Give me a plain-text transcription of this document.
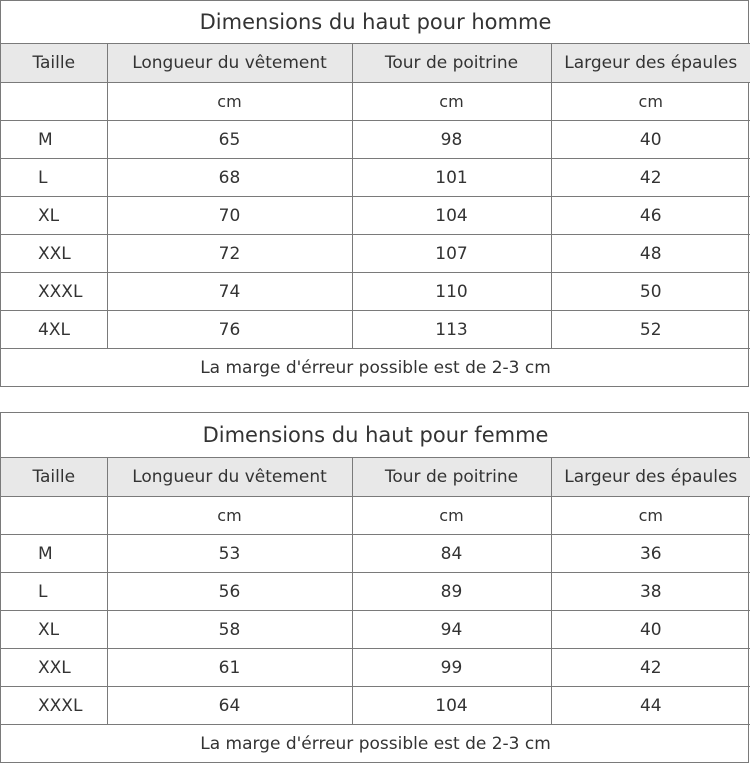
Dimensions du haut pour homme			
Taille	Longueur du vêtement	Tour de poitrine	Largeur des épaules
	cm	cm	cm
M	65	98	40
L	68	101	42
XL	70	104	46
XXL	72	107	48
XXXL	74	110	50
4XL	76	113	52
La marge d'érreur possible est de 2-3 cm			
Dimensions du haut pour femme			
Taille	Longueur du vêtement	Tour de poitrine	Largeur des épaules
	cm	cm	cm
M	53	84	36
L	56	89	38
XL	58	94	40
XXL	61	99	42
XXXL	64	104	44
La marge d'érreur possible est de 2-3 cm			
